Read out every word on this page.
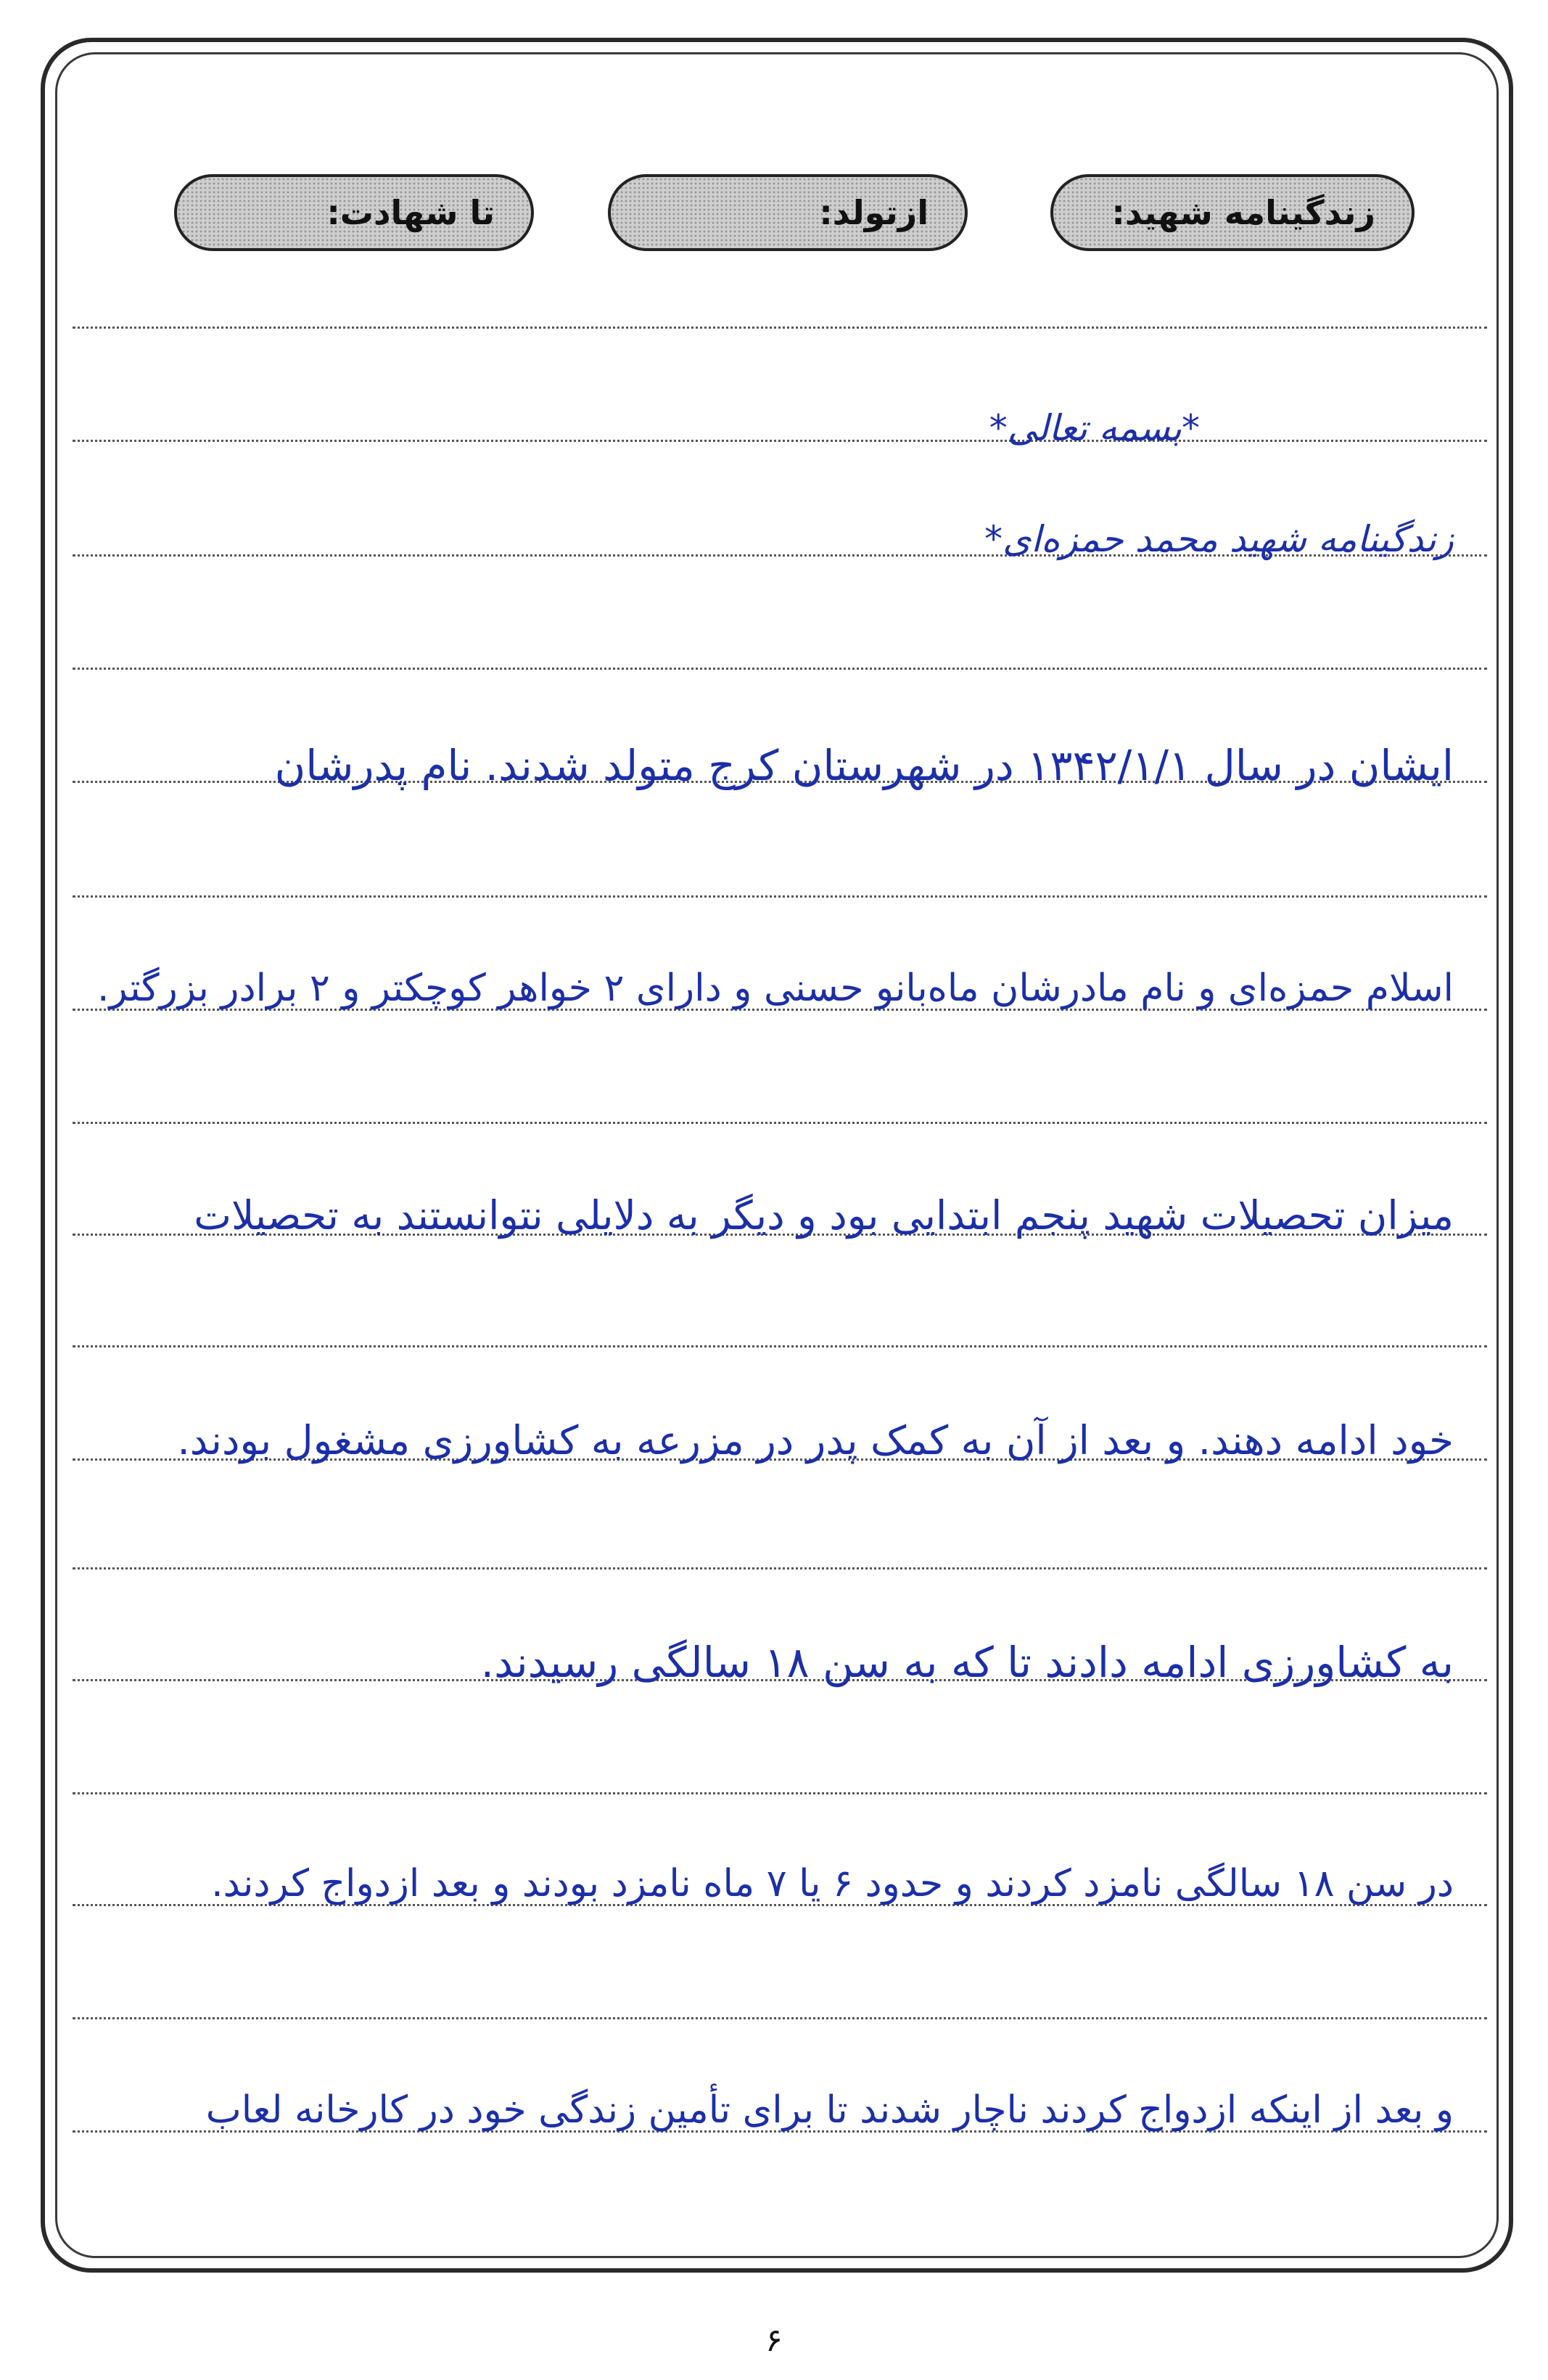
زندگینامه شهید:
ازتولد:
تا شهادت:
*بسمه تعالی*
زندگینامه شهید محمد حمزه‌ای*
ایشان در سال ۱۳۴۲/۱/۱ در شهرستان کرج متولد شدند. نام پدرشان
اسلام حمزه‌ای و نام مادرشان ماه‌بانو حسنی و دارای ۲ خواهر کوچکتر و ۲ برادر بزرگتر.
میزان تحصیلات شهید پنجم ابتدایی بود و دیگر به دلایلی نتوانستند به تحصیلات
خود ادامه دهند. و بعد از آن به کمک پدر در مزرعه به کشاورزی مشغول بودند.
به کشاورزی ادامه دادند تا که به سن ۱۸ سالگی رسیدند.
در سن ۱۸ سالگی نامزد کردند و حدود ۶ یا ۷ ماه نامزد بودند و بعد ازدواج کردند.
و بعد از اینکه ازدواج کردند ناچار شدند تا برای تأمین زندگی خود در کارخانه لعاب
۶
